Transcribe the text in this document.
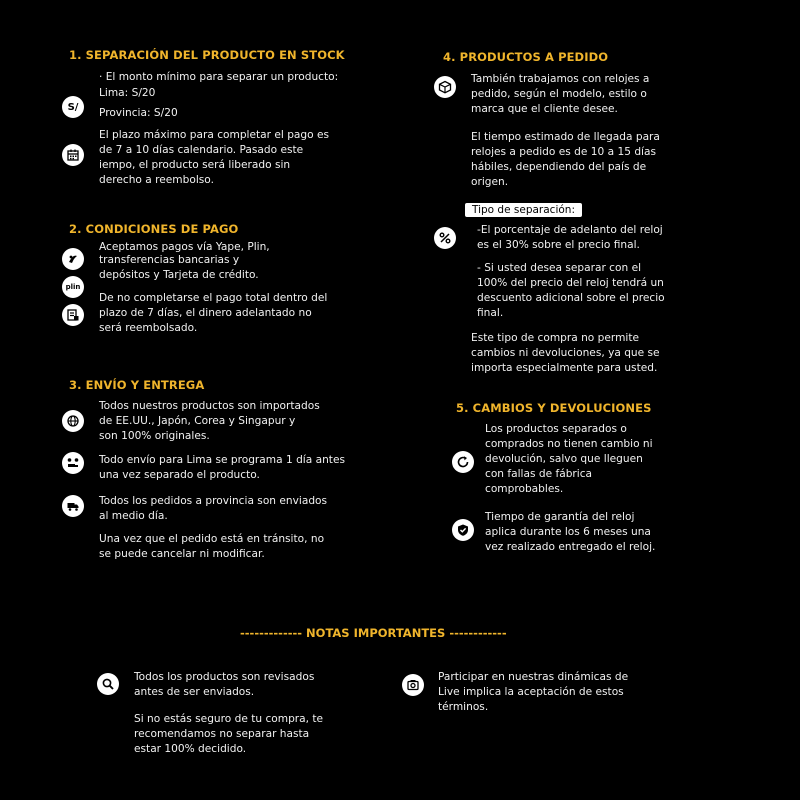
1. SEPARACIÓN DEL PRODUCTO EN STOCK
· El monto mínimo para separar un producto:
Lima: S/20
Provincia: S/20
S/
El plazo máximo para completar el pago es
de 7 a 10 días calendario. Pasado este
iempo, el producto será liberado sin
derecho a reembolso.
2. CONDICIONES DE PAGO
plin
Aceptamos pagos vía Yape, Plin,
transferencias bancarias y
depósitos y Tarjeta de crédito.
De no completarse el pago total dentro del
plazo de 7 días, el dinero adelantado no
será reembolsado.
3. ENVÍO Y ENTREGA
Todos nuestros productos son importados
de EE.UU., Japón, Corea y Singapur y
son 100% originales.
Todo envío para Lima se programa 1 día antes
una vez separado el producto.
Todos los pedidos a provincia son enviados
al medio día.
Una vez que el pedido está en tránsito, no
se puede cancelar ni modificar.
4. PRODUCTOS A PEDIDO
También trabajamos con relojes a
pedido, según el modelo, estilo o
marca que el cliente desee.
El tiempo estimado de llegada para
relojes a pedido es de 10 a 15 días
hábiles, dependiendo del país de
origen.
Tipo de separación:
-El porcentaje de adelanto del reloj
es el 30% sobre el precio final.
- Si usted desea separar con el
100% del precio del reloj tendrá un
descuento adicional sobre el precio
final.
Este tipo de compra no permite
cambios ni devoluciones, ya que se
importa especialmente para usted.
5. CAMBIOS Y DEVOLUCIONES
Los productos separados o
comprados no tienen cambio ni
devolución, salvo que lleguen
con fallas de fábrica
comprobables.
Tiempo de garantía del reloj
aplica durante los 6 meses una
vez realizado entregado el reloj.
------------- NOTAS IMPORTANTES ------------
Todos los productos son revisados
antes de ser enviados.
Si no estás seguro de tu compra, te
recomendamos no separar hasta
estar 100% decidido.
Participar en nuestras dinámicas de
Live implica la aceptación de estos
términos.
